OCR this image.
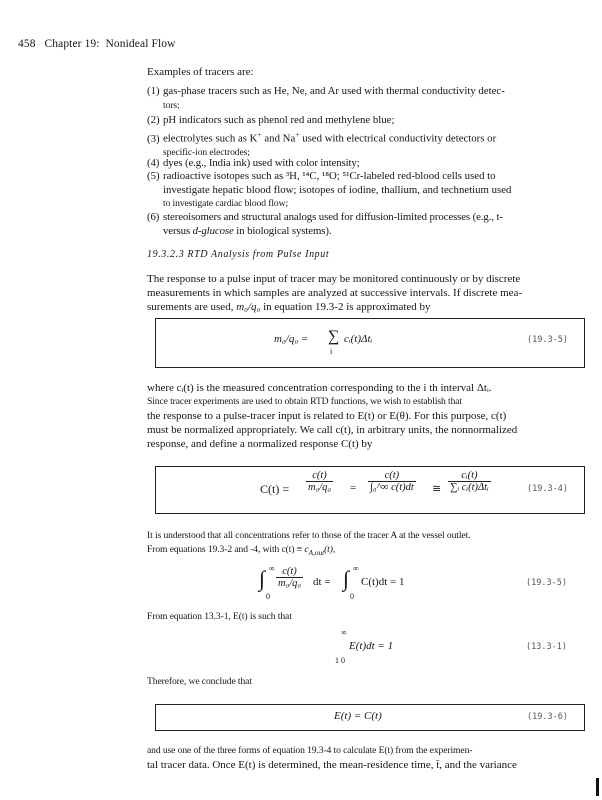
458 Chapter 19: Nonideal Flow
Examples of tracers are:
(1) gas-phase tracers such as He, Ne, and Ar used with thermal conductivity detec-
tors;
(2) pH indicators such as phenol red and methylene blue;
(3) electrolytes such as K+ and Na+ used with electrical conductivity detectors or
specific-ion electrodes;
(4) dyes (e.g., India ink) used with color intensity;
(5) radioactive isotopes such as ³H, ¹⁴C, ¹⁸O; ⁵¹Cr-labeled red-blood cells used to
investigate hepatic blood flow; isotopes of iodine, thallium, and technetium used
to investigate cardiac blood flow;
(6) stereoisomers and structural analogs used for diffusion-limited processes (e.g., t-
versus d-glucose in biological systems).
19.3.2.3 RTD Analysis from Pulse Input
The response to a pulse input of tracer may be monitored continuously or by discrete
measurements in which samples are analyzed at successive intervals. If discrete mea-
surements are used, m₀/q₀ in equation 19.3-2 is approximated by
m₀/q₀ = ∑
i
cᵢ(t)Δtᵢ	(19.3-5)
where cᵢ(t) is the measured concentration corresponding to the i th interval Δtᵢ.
Since tracer experiments are used to obtain RTD functions, we wish to establish that
the response to a pulse-tracer input is related to E(t) or E(θ). For this purpose, c(t)
must be normalized appropriately. We call c(t), in arbitrary units, the nonnormalized
response, and define a normalized response C(t) by
$C(t) = \frac{c(t)}{\text{m₀/q₀}} = \frac{c(t)}{\text{∫₀\textasciicircum{}∞ c(t)dt}}$ ≅ $\frac{\text{cᵢ(t)}}{\text{∑ᵢ cᵢ(t)Δtᵢ}}$	(19.3-4)
It is understood that all concentrations refer to those of the tracer A at the vessel outlet.
From equations 19.3-2 and -4, with $c(t) \equiv c_{A,out}(t)$,
∫ ∞
0
$\frac{c(t)}{\text{m₀/q₀}}$ dt = ∫ ∞
0
C(t)dt = 1	(19.3-5)
From equation 13.3-1, E(t) is such that
∞
1 0
E(t)dt = 1	(13.3-1)
Therefore, we conclude that
E(t) = C(t)	(19.3-6)
and use one of the three forms of equation 19.3-4 to calculate E(t) from the experimen-
tal tracer data. Once E(t) is determined, the mean-residence time, t̄, and the variance
